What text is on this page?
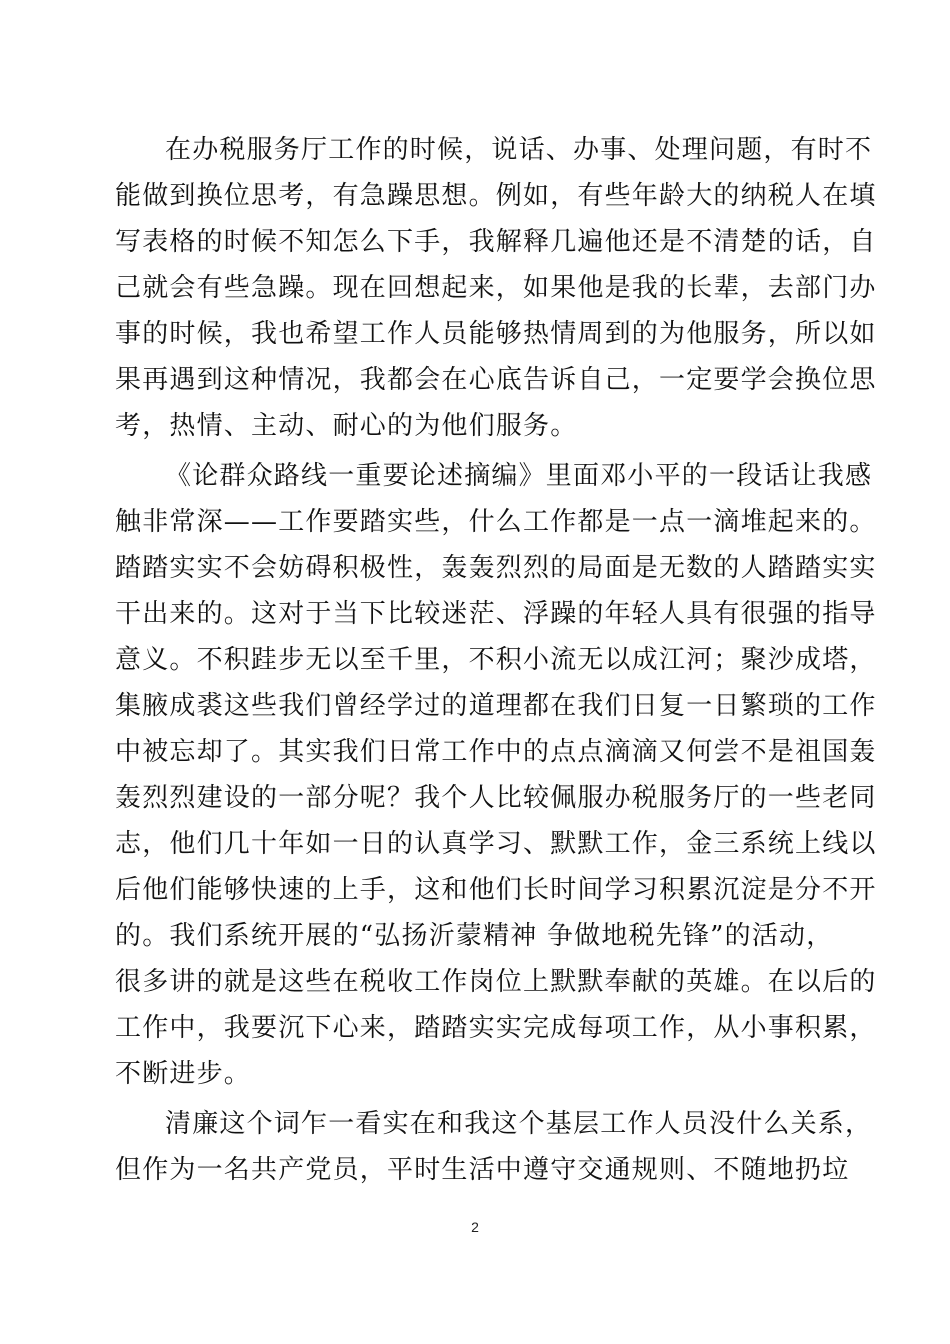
在办税服务厅工作的时候，说话、办事、处理问题，有时不
能做到换位思考，有急躁思想。例如，有些年龄大的纳税人在填
写表格的时候不知怎么下手，我解释几遍他还是不清楚的话，自
己就会有些急躁。现在回想起来，如果他是我的长辈，去部门办
事的时候，我也希望工作人员能够热情周到的为他服务，所以如
果再遇到这种情况，我都会在心底告诉自己，一定要学会换位思
考，热情、主动、耐心的为他们服务。
《论群众路线一重要论述摘编》里面邓小平的一段话让我感
触非常深——工作要踏实些，什么工作都是一点一滴堆起来的。
踏踏实实不会妨碍积极性，轰轰烈烈的局面是无数的人踏踏实实
干出来的。这对于当下比较迷茫、浮躁的年轻人具有很强的指导
意义。不积跬步无以至千里，不积小流无以成江河；聚沙成塔，
集腋成裘这些我们曾经学过的道理都在我们日复一日繁琐的工作
中被忘却了。其实我们日常工作中的点点滴滴又何尝不是祖国轰
轰烈烈建设的一部分呢？我个人比较佩服办税服务厅的一些老同
志，他们几十年如一日的认真学习、默默工作，金三系统上线以
后他们能够快速的上手，这和他们长时间学习积累沉淀是分不开
的。我们系统开展的“弘扬沂蒙精神 争做地税先锋”的活动，
很多讲的就是这些在税收工作岗位上默默奉献的英雄。在以后的
工作中，我要沉下心来，踏踏实实完成每项工作，从小事积累，
不断进步。
清廉这个词乍一看实在和我这个基层工作人员没什么关系，
但作为一名共产党员，平时生活中遵守交通规则、不随地扔垃
2
